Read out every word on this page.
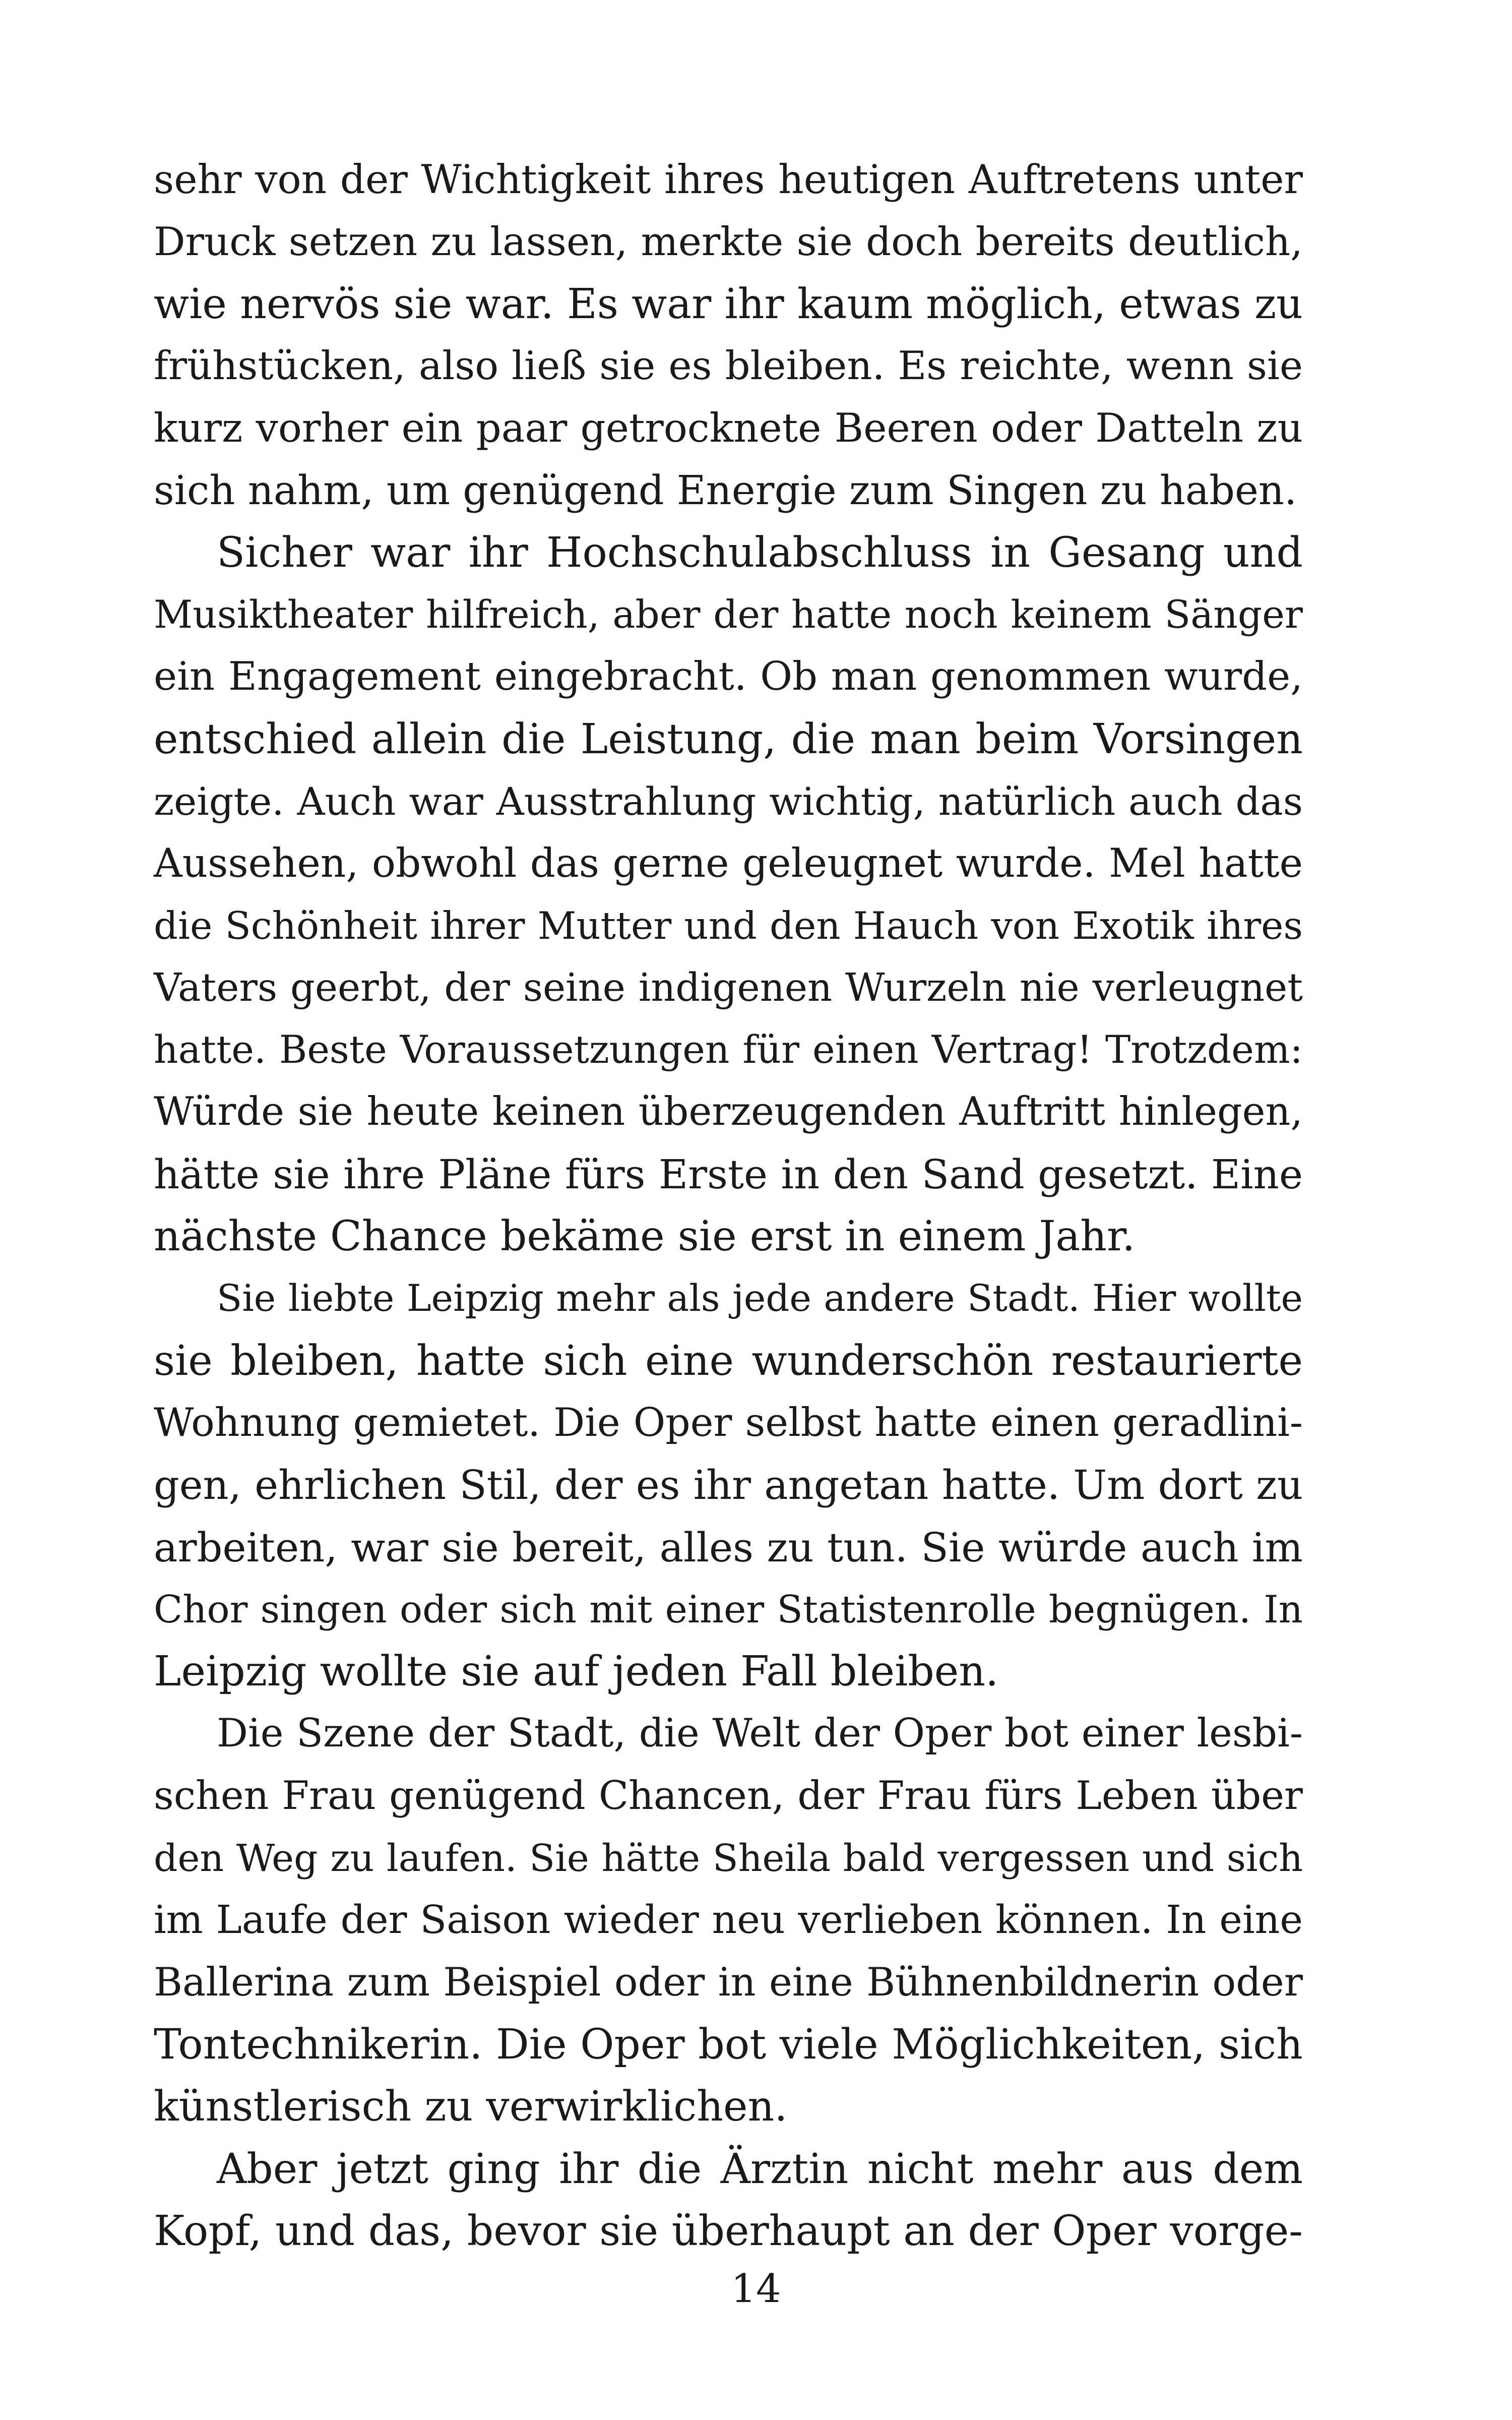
sehr von der Wichtigkeit ihres heutigen Auftretens unter
Druck setzen zu lassen, merkte sie doch bereits deutlich,
wie nervös sie war. Es war ihr kaum möglich, etwas zu
frühstücken, also ließ sie es bleiben. Es reichte, wenn sie
kurz vorher ein paar getrocknete Beeren oder Datteln zu
sich nahm, um genügend Energie zum Singen zu haben.
Sicher war ihr Hochschulabschluss in Gesang und
Musiktheater hilfreich, aber der hatte noch keinem Sänger
ein Engagement eingebracht. Ob man genommen wurde,
entschied allein die Leistung, die man beim Vorsingen
zeigte. Auch war Ausstrahlung wichtig, natürlich auch das
Aussehen, obwohl das gerne geleugnet wurde. Mel hatte
die Schönheit ihrer Mutter und den Hauch von Exotik ihres
Vaters geerbt, der seine indigenen Wurzeln nie verleugnet
hatte. Beste Voraussetzungen für einen Vertrag! Trotzdem:
Würde sie heute keinen überzeugenden Auftritt hinlegen,
hätte sie ihre Pläne fürs Erste in den Sand gesetzt. Eine
nächste Chance bekäme sie erst in einem Jahr.
Sie liebte Leipzig mehr als jede andere Stadt. Hier wollte
sie bleiben, hatte sich eine wunderschön restaurierte
Wohnung gemietet. Die Oper selbst hatte einen geradlini-
gen, ehrlichen Stil, der es ihr angetan hatte. Um dort zu
arbeiten, war sie bereit, alles zu tun. Sie würde auch im
Chor singen oder sich mit einer Statistenrolle begnügen. In
Leipzig wollte sie auf jeden Fall bleiben.
Die Szene der Stadt, die Welt der Oper bot einer lesbi-
schen Frau genügend Chancen, der Frau fürs Leben über
den Weg zu laufen. Sie hätte Sheila bald vergessen und sich
im Laufe der Saison wieder neu verlieben können. In eine
Ballerina zum Beispiel oder in eine Bühnenbildnerin oder
Tontechnikerin. Die Oper bot viele Möglichkeiten, sich
künstlerisch zu verwirklichen.
Aber jetzt ging ihr die Ärztin nicht mehr aus dem
Kopf, und das, bevor sie überhaupt an der Oper vorge-
14
